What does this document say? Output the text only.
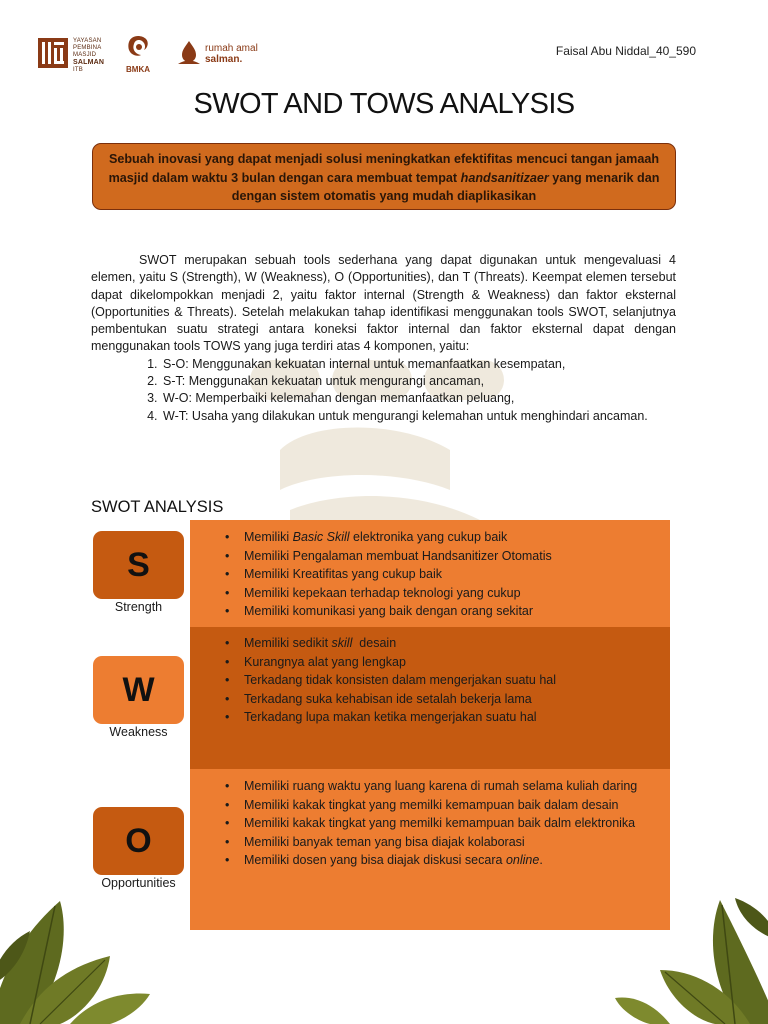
YAYASAN
PEMBINA
MASJID
SALMAN
ITB	BMKA
rumah amal
salman.
Faisal Abu Niddal_40_590
SWOT AND TOWS ANALYSIS
Sebuah inovasi yang dapat menjadi solusi meningkatkan efektifitas mencuci tangan jamaah masjid dalam waktu 3 bulan dengan cara membuat tempat handsanitizaer yang menarik dan dengan sistem otomatis yang mudah diaplikasikan
SWOT merupakan sebuah tools sederhana yang dapat digunakan untuk mengevaluasi 4 elemen, yaitu S (Strength), W (Weakness), O (Opportunities), dan T (Threats). Keempat elemen tersebut dapat dikelompokkan menjadi 2, yaitu faktor internal (Strength & Weakness) dan faktor eksternal (Opportunities & Threats). Setelah melakukan tahap identifikasi menggunakan tools SWOT, selanjutnya pembentukan suatu strategi antara koneksi faktor internal dan faktor eksternal dapat dengan menggunakan tools TOWS yang juga terdiri atas 4 komponen, yaitu:
1. S-O: Menggunakan kekuatan internal untuk memanfaatkan kesempatan,
2. S-T: Menggunakan kekuatan untuk mengurangi ancaman,
3. W-O: Memperbaiki kelemahan dengan memanfaatkan peluang,
4. W-T: Usaha yang dilakukan untuk mengurangi kelemahan untuk menghindari ancaman.
SWOT ANALYSIS
• Memiliki Basic Skill elektronika yang cukup baik
• Memiliki Pengalaman membuat Handsanitizer Otomatis
• Memiliki Kreatifitas yang cukup baik
• Memiliki kepekaan terhadap teknologi yang cukup
• Memiliki komunikasi yang baik dengan orang sekitar
• Memiliki sedikit skill  desain
• Kurangnya alat yang lengkap
• Terkadang tidak konsisten dalam mengerjakan suatu hal
• Terkadang suka kehabisan ide setalah bekerja lama
• Terkadang lupa makan ketika mengerjakan suatu hal
• Memiliki ruang waktu yang luang karena di rumah selama kuliah daring
• Memiliki kakak tingkat yang memilki kemampuan baik dalam desain
• Memiliki kakak tingkat yang memilki kemampuan baik dalm elektronika
• Memiliki banyak teman yang bisa diajak kolaborasi
• Memiliki dosen yang bisa diajak diskusi secara online.
S
Strength
W
Weakness
O
Opportunities
